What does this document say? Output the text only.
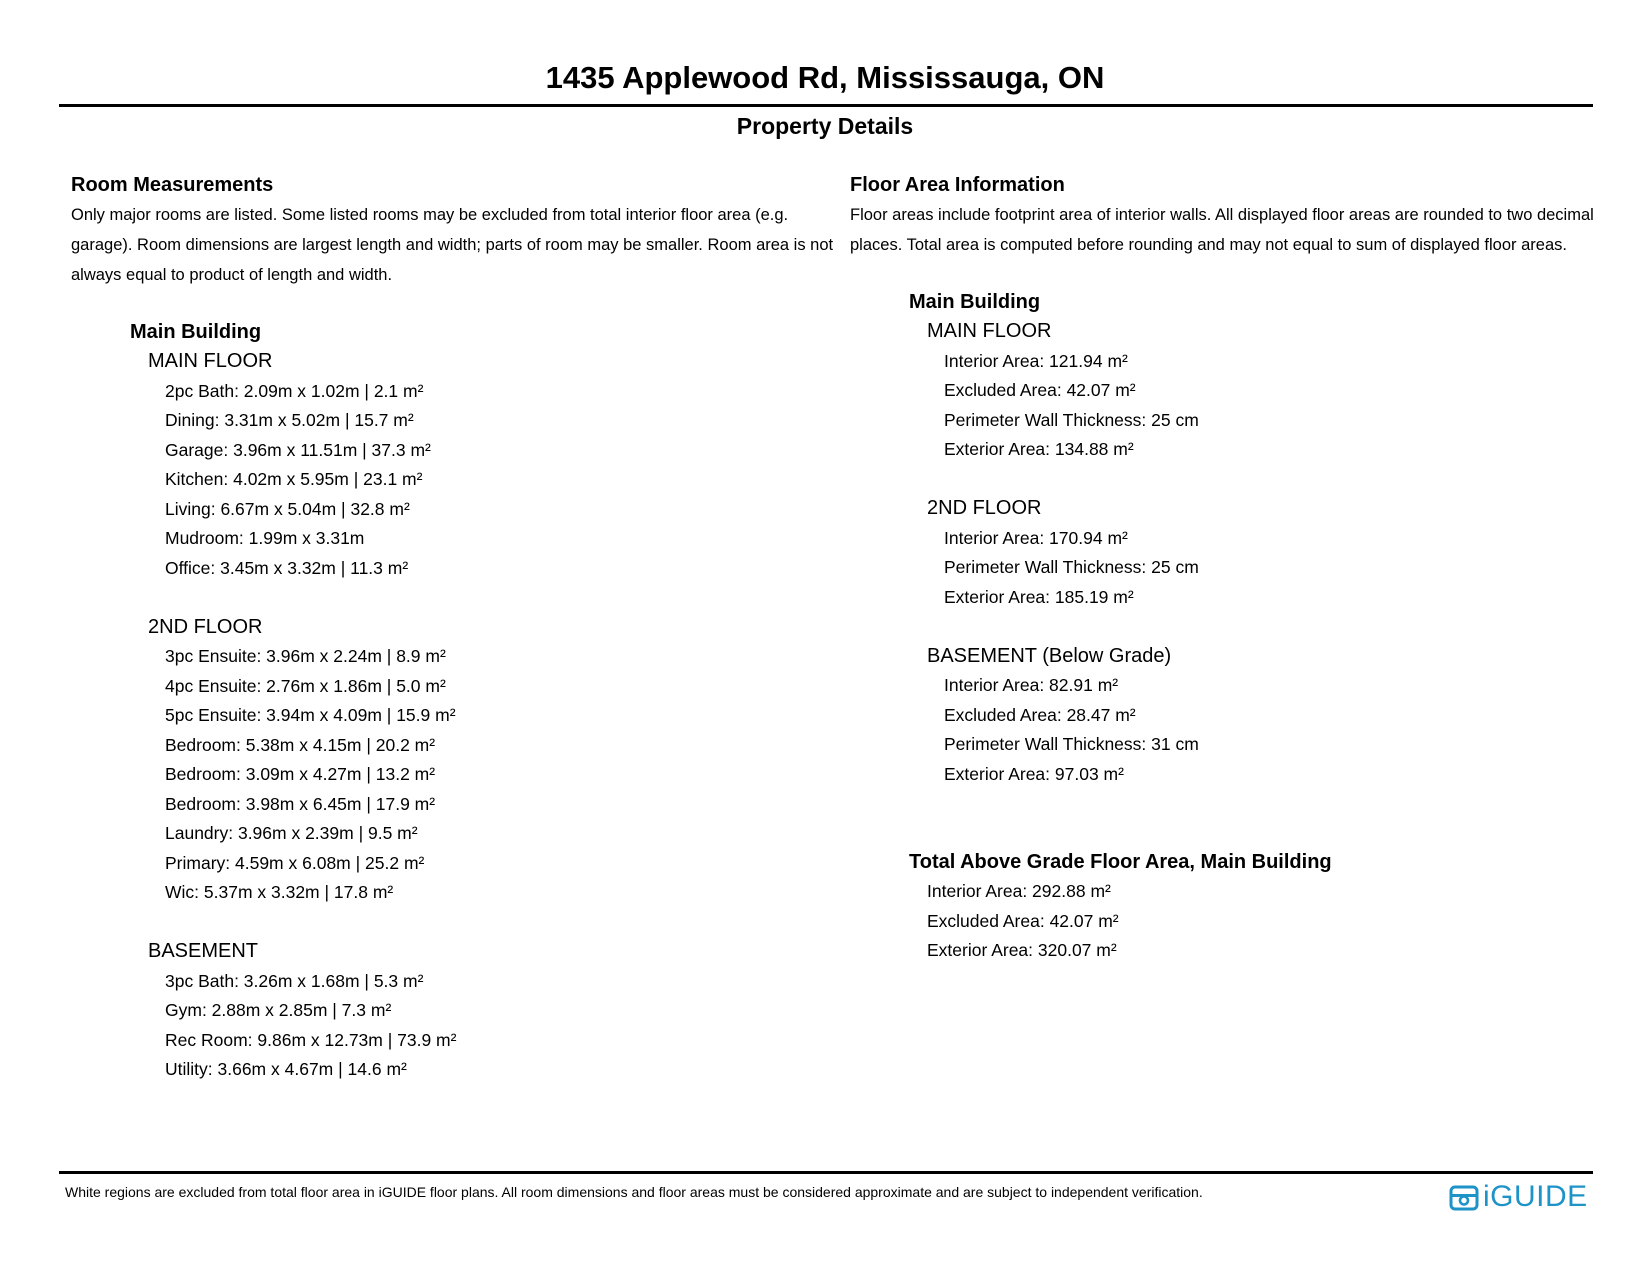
1435 Applewood Rd, Mississauga, ON
Property Details
Room Measurements
Only major rooms are listed. Some listed rooms may be excluded from total interior floor area (e.g. garage). Room dimensions are largest length and width; parts of room may be smaller. Room area is not always equal to product of length and width.
Main Building
MAIN FLOOR
2pc Bath: 2.09m x 1.02m | 2.1 m²
Dining: 3.31m x 5.02m | 15.7 m²
Garage: 3.96m x 11.51m | 37.3 m²
Kitchen: 4.02m x 5.95m | 23.1 m²
Living: 6.67m x 5.04m | 32.8 m²
Mudroom: 1.99m x 3.31m
Office: 3.45m x 3.32m | 11.3 m²
2ND FLOOR
3pc Ensuite: 3.96m x 2.24m | 8.9 m²
4pc Ensuite: 2.76m x 1.86m | 5.0 m²
5pc Ensuite: 3.94m x 4.09m | 15.9 m²
Bedroom: 5.38m x 4.15m | 20.2 m²
Bedroom: 3.09m x 4.27m | 13.2 m²
Bedroom: 3.98m x 6.45m | 17.9 m²
Laundry: 3.96m x 2.39m | 9.5 m²
Primary: 4.59m x 6.08m | 25.2 m²
Wic: 5.37m x 3.32m | 17.8 m²
BASEMENT
3pc Bath: 3.26m x 1.68m | 5.3 m²
Gym: 2.88m x 2.85m | 7.3 m²
Rec Room: 9.86m x 12.73m | 73.9 m²
Utility: 3.66m x 4.67m | 14.6 m²
Floor Area Information
Floor areas include footprint area of interior walls. All displayed floor areas are rounded to two decimal places. Total area is computed before rounding and may not equal to sum of displayed floor areas.
Main Building
MAIN FLOOR
Interior Area: 121.94 m²
Excluded Area: 42.07 m²
Perimeter Wall Thickness: 25 cm
Exterior Area: 134.88 m²
2ND FLOOR
Interior Area: 170.94 m²
Perimeter Wall Thickness: 25 cm
Exterior Area: 185.19 m²
BASEMENT (Below Grade)
Interior Area: 82.91 m²
Excluded Area: 28.47 m²
Perimeter Wall Thickness: 31 cm
Exterior Area: 97.03 m²
Total Above Grade Floor Area, Main Building
Interior Area: 292.88 m²
Excluded Area: 42.07 m²
Exterior Area: 320.07 m²
White regions are excluded from total floor area in iGUIDE floor plans. All room dimensions and floor areas must be considered approximate and are subject to independent verification.	iGUIDE
